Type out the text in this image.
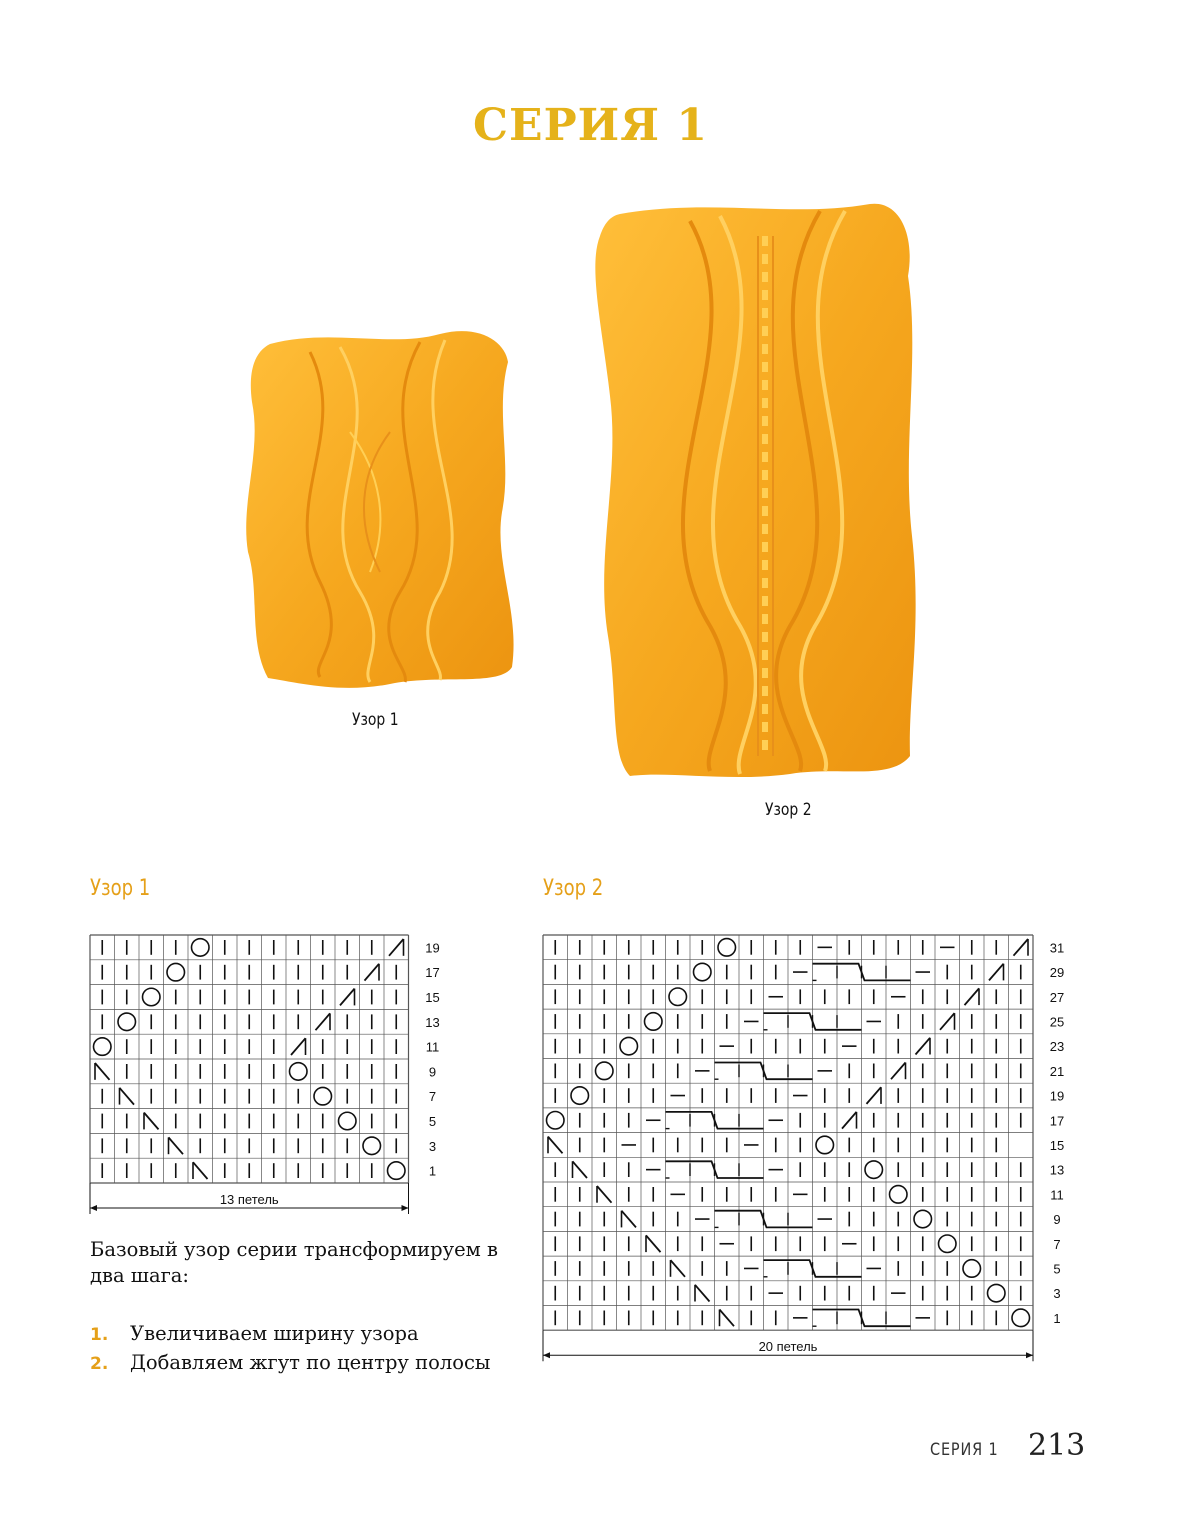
СЕРИЯ 1
Узор 1
Узор 2
Узор 1	Узор 2
19
17
15
13
11
9
7
5
3
1
13 петель
31
29
27
25
23
21
19
17
15
13
11
9
7
5
3
1
20 петель
Базовый узор серии трансформируем в два шага:
1. Увеличиваем ширину узора
2. Добавляем жгут по центру полосы
СЕРИЯ 1 213
